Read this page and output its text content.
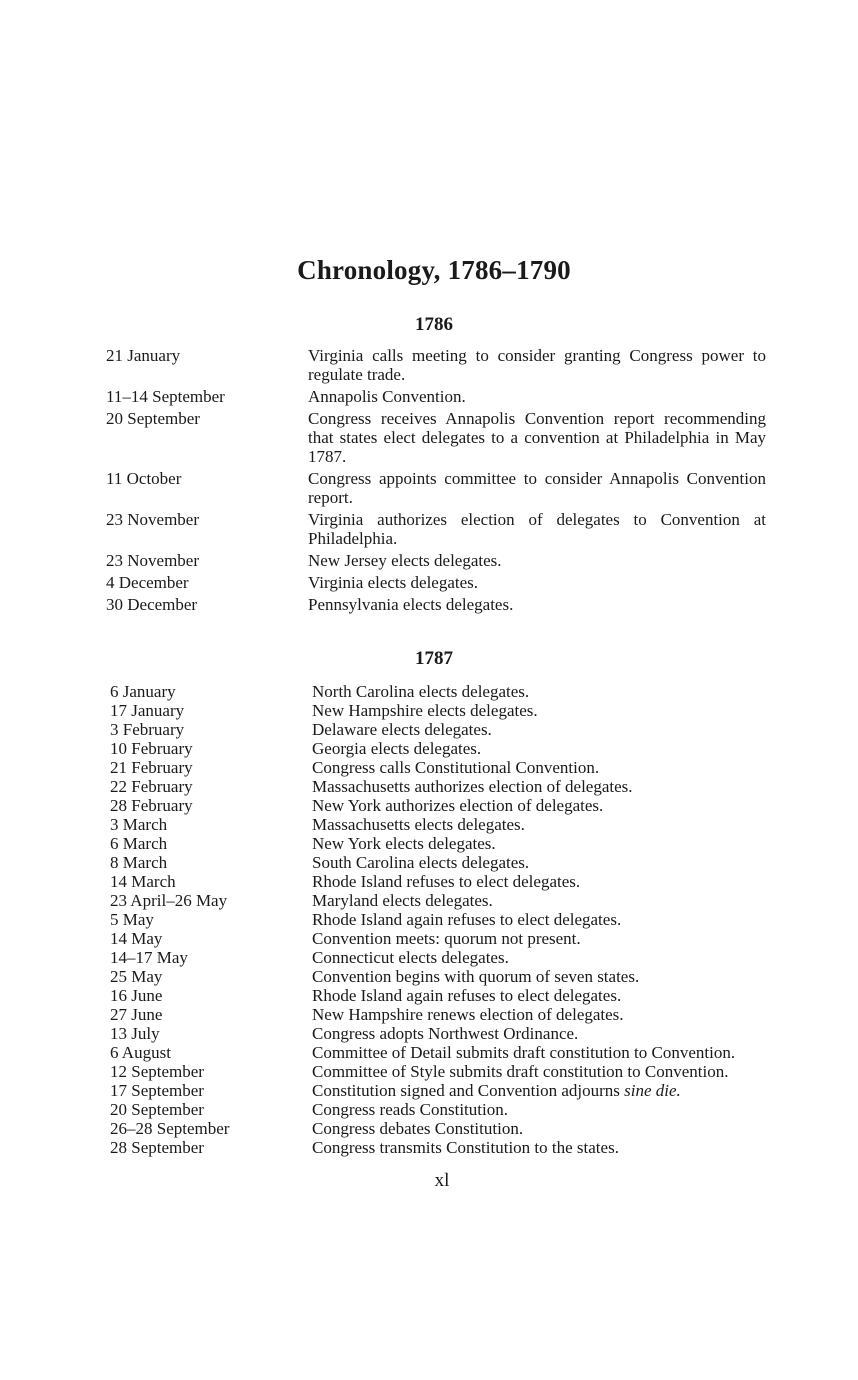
Chronology, 1786–1790
1786
21 January	Virginia calls meeting to consider granting Congress power to regulate trade.
11–14 September	Annapolis Convention.
20 September	Congress receives Annapolis Convention report recommending that states elect delegates to a convention at Philadelphia in May 1787.
11 October	Congress appoints committee to consider Annapolis Convention report.
23 November	Virginia authorizes election of delegates to Convention at Philadelphia.
23 November	New Jersey elects delegates.
4 December	Virginia elects delegates.
30 December	Pennsylvania elects delegates.
1787
6 January	North Carolina elects delegates.
17 January	New Hampshire elects delegates.
3 February	Delaware elects delegates.
10 February	Georgia elects delegates.
21 February	Congress calls Constitutional Convention.
22 February	Massachusetts authorizes election of delegates.
28 February	New York authorizes election of delegates.
3 March	Massachusetts elects delegates.
6 March	New York elects delegates.
8 March	South Carolina elects delegates.
14 March	Rhode Island refuses to elect delegates.
23 April–26 May	Maryland elects delegates.
5 May	Rhode Island again refuses to elect delegates.
14 May	Convention meets: quorum not present.
14–17 May	Connecticut elects delegates.
25 May	Convention begins with quorum of seven states.
16 June	Rhode Island again refuses to elect delegates.
27 June	New Hampshire renews election of delegates.
13 July	Congress adopts Northwest Ordinance.
6 August	Committee of Detail submits draft constitution to Convention.
12 September	Committee of Style submits draft constitution to Convention.
17 September	Constitution signed and Convention adjourns sine die.
20 September	Congress reads Constitution.
26–28 September	Congress debates Constitution.
28 September	Congress transmits Constitution to the states.
xl
